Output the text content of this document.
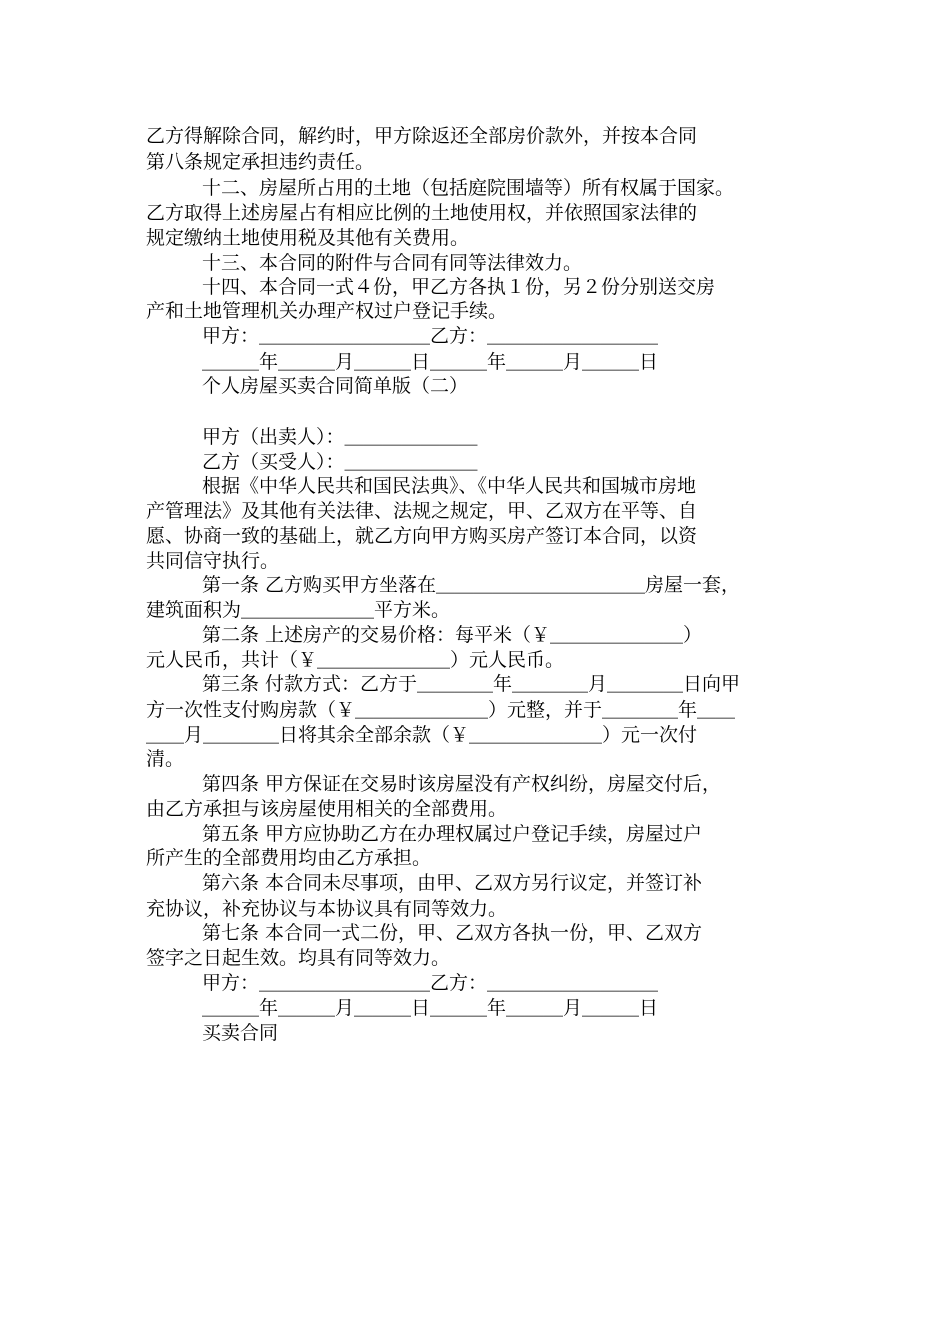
乙方得解除合同，解约时，甲方除返还全部房价款外，并按本合同
第八条规定承担违约责任。
十二、房屋所占用的土地（包括庭院围墙等）所有权属于国家。
乙方取得上述房屋占有相应比例的土地使用权，并依照国家法律的
规定缴纳土地使用税及其他有关费用。
十三、本合同的附件与合同有同等法律效力。
十四、本合同一式４份，甲乙方各执１份，另２份分别送交房
产和土地管理机关办理产权过户登记手续。
甲方：＿＿＿＿＿＿＿＿＿乙方：＿＿＿＿＿＿＿＿＿
＿＿＿年＿＿＿月＿＿＿日＿＿＿年＿＿＿月＿＿＿日
个人房屋买卖合同简单版（二）
甲方（出卖人）：＿＿＿＿＿＿＿
乙方（买受人）：＿＿＿＿＿＿＿
根据《中华人民共和国民法典》、《中华人民共和国城市房地
产管理法》及其他有关法律、法规之规定，甲、乙双方在平等、自
愿、协商一致的基础上，就乙方向甲方购买房产签订本合同，以资
共同信守执行。
第一条 乙方购买甲方坐落在＿＿＿＿＿＿＿＿＿＿＿房屋一套，
建筑面积为＿＿＿＿＿＿＿平方米。
第二条 上述房产的交易价格：每平米（￥＿＿＿＿＿＿＿）
元人民币，共计（￥＿＿＿＿＿＿＿）元人民币。
第三条 付款方式：乙方于＿＿＿＿年＿＿＿＿月＿＿＿＿日向甲
方一次性支付购房款（￥＿＿＿＿＿＿＿）元整，并于＿＿＿＿年＿＿
＿＿月＿＿＿＿日将其余全部余款（￥＿＿＿＿＿＿＿）元一次付
清。
第四条 甲方保证在交易时该房屋没有产权纠纷，房屋交付后，
由乙方承担与该房屋使用相关的全部费用。
第五条 甲方应协助乙方在办理权属过户登记手续，房屋过户
所产生的全部费用均由乙方承担。
第六条 本合同未尽事项，由甲、乙双方另行议定，并签订补
充协议，补充协议与本协议具有同等效力。
第七条 本合同一式二份，甲、乙双方各执一份，甲、乙双方
签字之日起生效。均具有同等效力。
甲方：＿＿＿＿＿＿＿＿＿乙方：＿＿＿＿＿＿＿＿＿
＿＿＿年＿＿＿月＿＿＿日＿＿＿年＿＿＿月＿＿＿日
买卖合同
